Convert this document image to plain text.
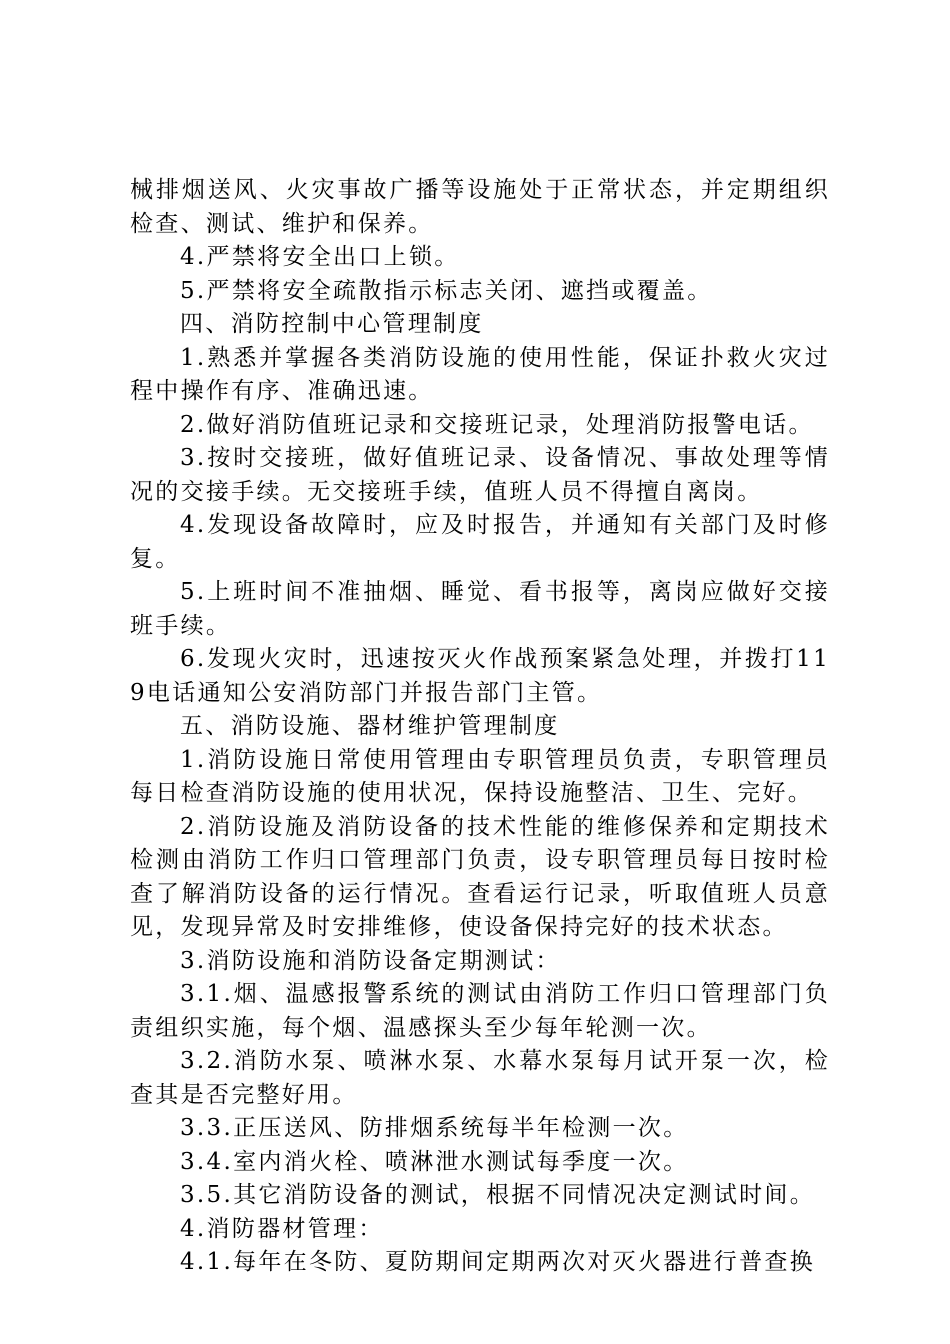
械排烟送风、火灾事故广播等设施处于正常状态，并定期组织检查、测试、维护和保养。

4.严禁将安全出口上锁。

5.严禁将安全疏散指示标志关闭、遮挡或覆盖。

四、消防控制中心管理制度

1.熟悉并掌握各类消防设施的使用性能，保证扑救火灾过程中操作有序、准确迅速。

2.做好消防值班记录和交接班记录，处理消防报警电话。

3.按时交接班，做好值班记录、设备情况、事故处理等情况的交接手续。无交接班手续，值班人员不得擅自离岗。

4.发现设备故障时，应及时报告，并通知有关部门及时修复。

5.上班时间不准抽烟、睡觉、看书报等，离岗应做好交接班手续。

6.发现火灾时，迅速按灭火作战预案紧急处理，并拨打119电话通知公安消防部门并报告部门主管。

五、消防设施、器材维护管理制度

1.消防设施日常使用管理由专职管理员负责，专职管理员每日检查消防设施的使用状况，保持设施整洁、卫生、完好。

2.消防设施及消防设备的技术性能的维修保养和定期技术检测由消防工作归口管理部门负责，设专职管理员每日按时检查了解消防设备的运行情况。查看运行记录，听取值班人员意见，发现异常及时安排维修，使设备保持完好的技术状态。

3.消防设施和消防设备定期测试：

3.1.烟、温感报警系统的测试由消防工作归口管理部门负责组织实施，每个烟、温感探头至少每年轮测一次。

3.2.消防水泵、喷淋水泵、水幕水泵每月试开泵一次，检查其是否完整好用。

3.3.正压送风、防排烟系统每半年检测一次。

3.4.室内消火栓、喷淋泄水测试每季度一次。

3.5.其它消防设备的测试，根据不同情况决定测试时间。

4.消防器材管理：

4.1.每年在冬防、夏防期间定期两次对灭火器进行普查换
